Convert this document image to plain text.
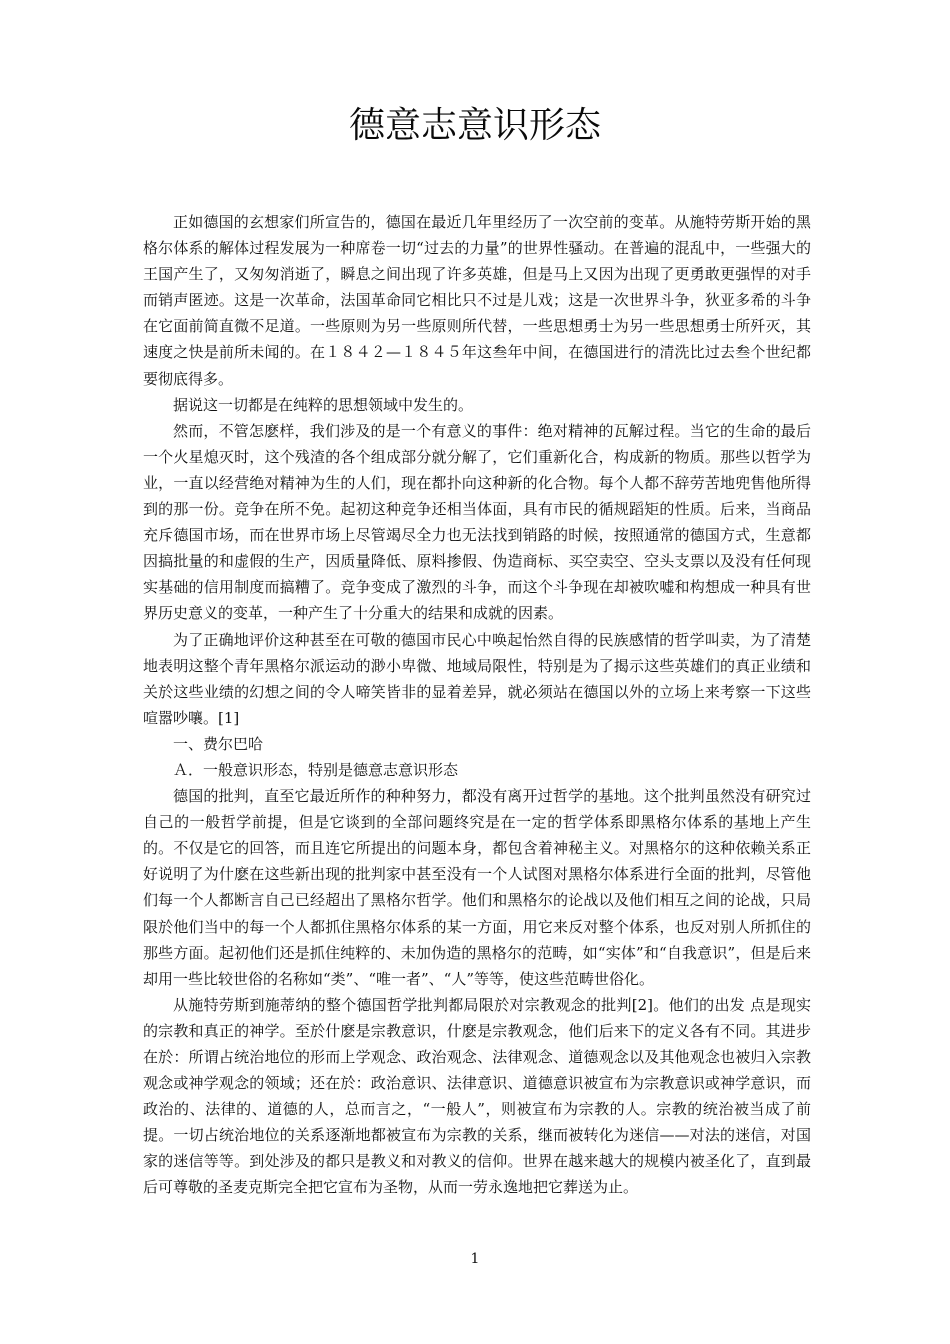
德意志意识形态

正如德国的玄想家们所宣告的，德国在最近几年里经历了一次空前的变革。从施特劳斯开始的黑格尔体系的解体过程发展为一种席卷一切“过去的力量”的世界性骚动。在普遍的混乱中，一些强大的王国产生了，又匆匆消逝了，瞬息之间出现了许多英雄，但是马上又因为出现了更勇敢更强悍的对手而销声匿迹。这是一次革命，法国革命同它相比只不过是儿戏；这是一次世界斗争，狄亚多希的斗争在它面前简直微不足道。一些原则为另一些原则所代替，一些思想勇士为另一些思想勇士所歼灭，其速度之快是前所未闻的。在１８４２—１８４５年这叁年中间，在德国进行的清洗比过去叁个世纪都要彻底得多。

据说这一切都是在纯粹的思想领域中发生的。

然而，不管怎麽样，我们涉及的是一个有意义的事件：绝对精神的瓦解过程。当它的生命的最后一个火星熄灭时，这个残渣的各个组成部分就分解了，它们重新化合，构成新的物质。那些以哲学为业，一直以经营绝对精神为生的人们，现在都扑向这种新的化合物。每个人都不辞劳苦地兜售他所得到的那一份。竞争在所不免。起初这种竞争还相当体面，具有市民的循规蹈矩的性质。后来，当商品充斥德国市场，而在世界市场上尽管竭尽全力也无法找到销路的时候，按照通常的德国方式，生意都因搞批量的和虚假的生产，因质量降低、原料掺假、伪造商标、买空卖空、空头支票以及没有任何现实基础的信用制度而搞糟了。竞争变成了激烈的斗争，而这个斗争现在却被吹嘘和构想成一种具有世界历史意义的变革，一种产生了十分重大的结果和成就的因素。

为了正确地评价这种甚至在可敬的德国市民心中唤起怡然自得的民族感情的哲学叫卖，为了清楚地表明这整个青年黑格尔派运动的渺小卑微、地域局限性，特别是为了揭示这些英雄们的真正业绩和关於这些业绩的幻想之间的令人啼笑皆非的显着差异，就必须站在德国以外的立场上来考察一下这些喧嚣吵嚷。[1]

一、费尔巴哈

Ａ．一般意识形态，特别是德意志意识形态

德国的批判，直至它最近所作的种种努力，都没有离开过哲学的基地。这个批判虽然没有研究过自己的一般哲学前提，但是它谈到的全部问题终究是在一定的哲学体系即黑格尔体系的基地上产生的。不仅是它的回答，而且连它所提出的问题本身，都包含着神秘主义。对黑格尔的这种依赖关系正好说明了为什麽在这些新出现的批判家中甚至没有一个人试图对黑格尔体系进行全面的批判，尽管他们每一个人都断言自己已经超出了黑格尔哲学。他们和黑格尔的论战以及他们相互之间的论战，只局限於他们当中的每一个人都抓住黑格尔体系的某一方面，用它来反对整个体系，也反对别人所抓住的那些方面。起初他们还是抓住纯粹的、未加伪造的黑格尔的范畴，如“实体”和“自我意识”，但是后来却用一些比较世俗的名称如“类”、“唯一者”、“人”等等，使这些范畴世俗化。

从施特劳斯到施蒂纳的整个德国哲学批判都局限於对宗教观念的批判[2]。他们的出发 点是现实的宗教和真正的神学。至於什麽是宗教意识，什麽是宗教观念，他们后来下的定义各有不同。其进步在於：所谓占统治地位的形而上学观念、政治观念、法律观念、道德观念以及其他观念也被归入宗教观念或神学观念的领域；还在於：政治意识、法律意识、道德意识被宣布为宗教意识或神学意识，而政治的、法律的、道德的人，总而言之，“一般人”，则被宣布为宗教的人。宗教的统治被当成了前提。一切占统治地位的关系逐渐地都被宣布为宗教的关系，继而被转化为迷信——对法的迷信，对国家的迷信等等。到处涉及的都只是教义和对教义的信仰。世界在越来越大的规模内被圣化了，直到最后可尊敬的圣麦克斯完全把它宣布为圣物，从而一劳永逸地把它葬送为止。

1
